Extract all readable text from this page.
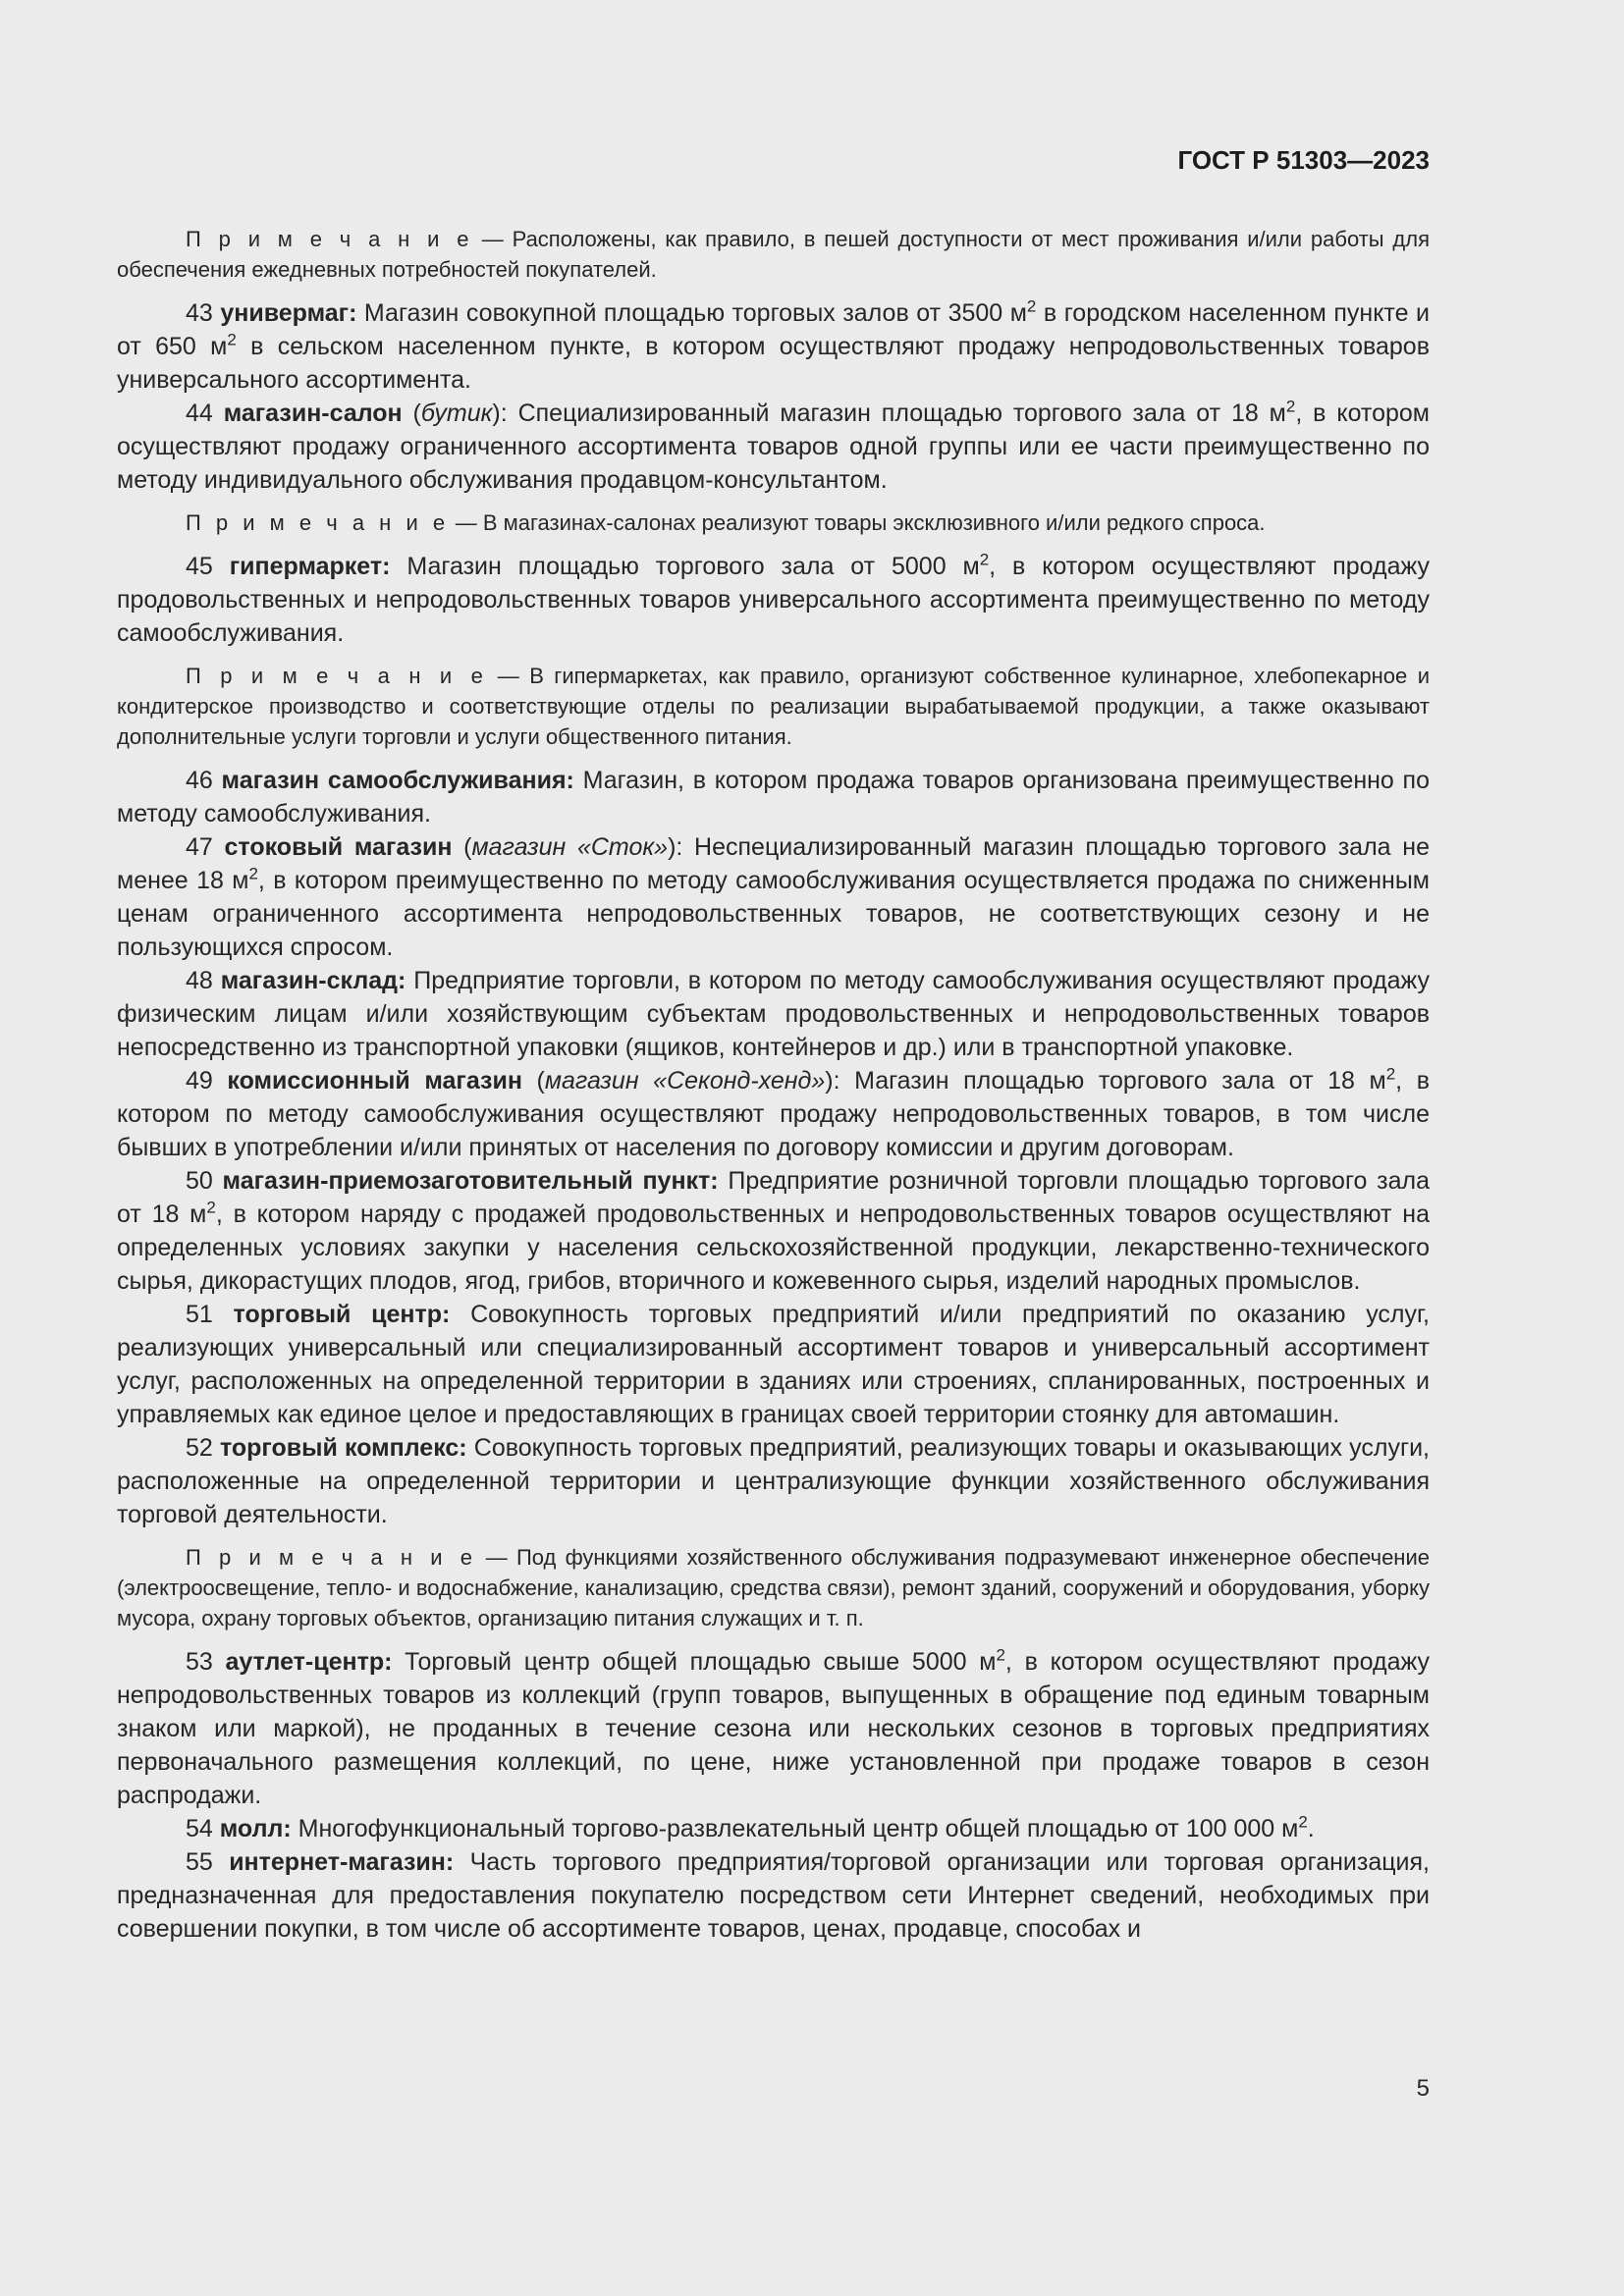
ГОСТ Р 51303—2023

П р и м е ч а н и е — Расположены, как правило, в пешей доступности от мест проживания и/или работы для обеспечения ежедневных потребностей покупателей.

43 универмаг: Магазин совокупной площадью торговых залов от 3500 $м^2$ в городском населенном пункте и от 650 $м^2$ в сельском населенном пункте, в котором осуществляют продажу непродовольственных товаров универсального ассортимента.

44 магазин-салон (бутик): Специализированный магазин площадью торгового зала от 18 $м^2$, в котором осуществляют продажу ограниченного ассортимента товаров одной группы или ее части преимущественно по методу индивидуального обслуживания продавцом-консультантом.

П р и м е ч а н и е — В магазинах-салонах реализуют товары эксклюзивного и/или редкого спроса.

45 гипермаркет: Магазин площадью торгового зала от 5000 $м^2$, в котором осуществляют продажу продовольственных и непродовольственных товаров универсального ассортимента преимущественно по методу самообслуживания.

П р и м е ч а н и е — В гипермаркетах, как правило, организуют собственное кулинарное, хлебопекарное и кондитерское производство и соответствующие отделы по реализации вырабатываемой продукции, а также оказывают дополнительные услуги торговли и услуги общественного питания.

46 магазин самообслуживания: Магазин, в котором продажа товаров организована преимущественно по методу самообслуживания.

47 стоковый магазин (магазин «Сток»): Неспециализированный магазин площадью торгового зала не менее 18 $м^2$, в котором преимущественно по методу самообслуживания осуществляется продажа по сниженным ценам ограниченного ассортимента непродовольственных товаров, не соответствующих сезону и не пользующихся спросом.

48 магазин-склад: Предприятие торговли, в котором по методу самообслуживания осуществляют продажу физическим лицам и/или хозяйствующим субъектам продовольственных и непродовольственных товаров непосредственно из транспортной упаковки (ящиков, контейнеров и др.) или в транспортной упаковке.

49 комиссионный магазин (магазин «Секонд-хенд»): Магазин площадью торгового зала от 18 $м^2$, в котором по методу самообслуживания осуществляют продажу непродовольственных товаров, в том числе бывших в употреблении и/или принятых от населения по договору комиссии и другим договорам.

50 магазин-приемозаготовительный пункт: Предприятие розничной торговли площадью торгового зала от 18 $м^2$, в котором наряду с продажей продовольственных и непродовольственных товаров осуществляют на определенных условиях закупки у населения сельскохозяйственной продукции, лекарственно-технического сырья, дикорастущих плодов, ягод, грибов, вторичного и кожевенного сырья, изделий народных промыслов.

51 торговый центр: Совокупность торговых предприятий и/или предприятий по оказанию услуг, реализующих универсальный или специализированный ассортимент товаров и универсальный ассортимент услуг, расположенных на определенной территории в зданиях или строениях, спланированных, построенных и управляемых как единое целое и предоставляющих в границах своей территории стоянку для автомашин.

52 торговый комплекс: Совокупность торговых предприятий, реализующих товары и оказывающих услуги, расположенные на определенной территории и централизующие функции хозяйственного обслуживания торговой деятельности.

П р и м е ч а н и е — Под функциями хозяйственного обслуживания подразумевают инженерное обеспечение (электроосвещение, тепло- и водоснабжение, канализацию, средства связи), ремонт зданий, сооружений и оборудования, уборку мусора, охрану торговых объектов, организацию питания служащих и т. п.

53 аутлет-центр: Торговый центр общей площадью свыше 5000 $м^2$, в котором осуществляют продажу непродовольственных товаров из коллекций (групп товаров, выпущенных в обращение под единым товарным знаком или маркой), не проданных в течение сезона или нескольких сезонов в торговых предприятиях первоначального размещения коллекций, по цене, ниже установленной при продаже товаров в сезон распродажи.

54 молл: Многофункциональный торгово-развлекательный центр общей площадью от 100 000 $м^2$.

55 интернет-магазин: Часть торгового предприятия/торговой организации или торговая организация, предназначенная для предоставления покупателю посредством сети Интернет сведений, необходимых при совершении покупки, в том числе об ассортименте товаров, ценах, продавце, способах и

5
